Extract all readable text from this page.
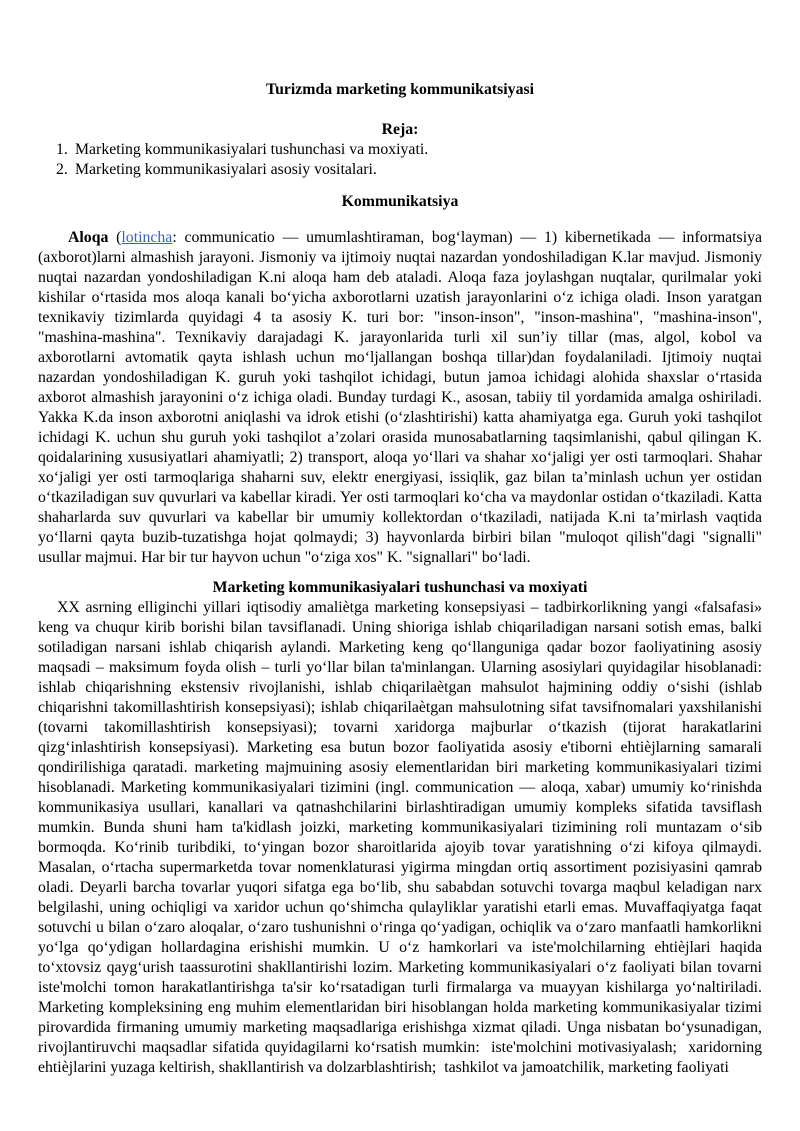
Turizmda marketing kommunikatsiyasi
Reja:
1. Marketing kommunikasiyalari tushunchasi va moxiyati.
2. Marketing kommunikasiyalari asosiy vositalari.
Kommunikatsiya

Aloqa (lotincha: communicatio — umumlashtiraman, bogʻlayman) — 1) kibernetikada — informatsiya (axborot)larni almashish jarayoni. Jismoniy va ijtimoiy nuqtai nazardan yondoshiladigan K.lar mavjud. Jismoniy nuqtai nazardan yondoshiladigan K.ni aloqa ham deb ataladi. Aloqa faza joylashgan nuqtalar, qurilmalar yoki kishilar oʻrtasida mos aloqa kanali boʻyicha axborotlarni uzatish jarayonlarini oʻz ichiga oladi. Inson yaratgan texnikaviy tizimlarda quyidagi 4 ta asosiy K. turi bor: "inson-inson", "inson-mashina", "mashina-inson", "mashina-mashina". Texnikaviy darajadagi K. jarayonlarida turli xil sun’iy tillar (mas, algol, kobol va axborotlarni avtomatik qayta ishlash uchun moʻljallangan boshqa tillar)dan foydalaniladi. Ijtimoiy nuqtai nazardan yondoshiladigan K. guruh yoki tashqilot ichidagi, butun jamoa ichidagi alohida shaxslar oʻrtasida axborot almashish jarayonini oʻz ichiga oladi. Bunday turdagi K., asosan, tabiiy til yordamida amalga oshiriladi. Yakka K.da inson axborotni aniqlashi va idrok etishi (oʻzlashtirishi) katta ahamiyatga ega. Guruh yoki tashqilot ichidagi K. uchun shu guruh yoki tashqilot a’zolari orasida munosabatlarning taqsimlanishi, qabul qilingan K. qoidalarining xususiyatlari ahamiyatli; 2) transport, aloqa yoʻllari va shahar xoʻjaligi yer osti tarmoqlari. Shahar xoʻjaligi yer osti tarmoqlariga shaharni suv, elektr energiyasi, issiqlik, gaz bilan ta’minlash uchun yer ostidan oʻtkaziladigan suv quvurlari va kabellar kiradi. Yer osti tarmoqlari koʻcha va maydonlar ostidan oʻtkaziladi. Katta shaharlarda suv quvurlari va kabellar bir umumiy kollektordan oʻtkaziladi, natijada K.ni ta’mirlash vaqtida yoʻllarni qayta buzib-tuzatishga hojat qolmaydi; 3) hayvonlarda birbiri bilan "muloqot qilish"dagi "signalli" usullar majmui. Har bir tur hayvon uchun "oʻziga xos" K. "signallari" boʻladi.

Marketing kommunikasiyalari tushunchasi va moxiyati

XX asrning elliginchi yillari iqtisodiy amaliètga marketing konsepsiyasi – tadbirkorlikning yangi «falsafasi» keng va chuqur kirib borishi bilan tavsiflanadi. Uning shioriga ishlab chiqariladigan narsani sotish emas, balki sotiladigan narsani ishlab chiqarish aylandi. Marketing keng qoʻllanguniga qadar bozor faoliyatining asosiy maqsadi – maksimum foyda olish – turli yoʻllar bilan ta'minlangan. Ularning asosiylari quyidagilar hisoblanadi: ishlab chiqarishning ekstensiv rivojlanishi, ishlab chiqarilaètgan mahsulot hajmining oddiy oʻsishi (ishlab chiqarishni takomillashtirish konsepsiyasi); ishlab chiqarilaètgan mahsulotning sifat tavsifnomalari yaxshilanishi (tovarni takomillashtirish konsepsiyasi); tovarni xaridorga majburlar oʻtkazish (tijorat harakatlarini qizgʻinlashtirish konsepsiyasi). Marketing esa butun bozor faoliyatida asosiy e'tiborni ehtièjlarning samarali qondirilishiga qaratadi. marketing majmuining asosiy elementlaridan biri marketing kommunikasiyalari tizimi hisoblanadi. Marketing kommunikasiyalari tizimini (ingl. communication — aloqa, xabar) umumiy koʻrinishda kommunikasiya usullari, kanallari va qatnashchilarini birlashtiradigan umumiy kompleks sifatida tavsiflash mumkin. Bunda shuni ham ta'kidlash joizki, marketing kommunikasiyalari tizimining roli muntazam oʻsib bormoqda. Koʻrinib turibdiki, toʻyingan bozor sharoitlarida ajoyib tovar yaratishning oʻzi kifoya qilmaydi. Masalan, oʻrtacha supermarketda tovar nomenklaturasi yigirma mingdan ortiq assortiment pozisiyasini qamrab oladi. Deyarli barcha tovarlar yuqori sifatga ega boʻlib, shu sababdan sotuvchi tovarga maqbul keladigan narx belgilashi, uning ochiqligi va xaridor uchun qoʻshimcha qulayliklar yaratishi etarli emas. Muvaffaqiyatga faqat sotuvchi u bilan oʻzaro aloqalar, oʻzaro tushunishni oʻringa qoʻyadigan, ochiqlik va oʻzaro manfaatli hamkorlikni yoʻlga qoʻydigan hollardagina erishishi mumkin. U oʻz hamkorlari va iste'molchilarning ehtièjlari haqida toʻxtovsiz qaygʻurish taassurotini shakllantirishi lozim. Marketing kommunikasiyalari oʻz faoliyati bilan tovarni iste'molchi tomon harakatlantirishga ta'sir koʻrsatadigan turli firmalarga va muayyan kishilarga yoʻnaltiriladi. Marketing kompleksining eng muhim elementlaridan biri hisoblangan holda marketing kommunikasiyalar tizimi pirovardida firmaning umumiy marketing maqsadlariga erishishga xizmat qiladi. Unga nisbatan boʻysunadigan, rivojlantiruvchi maqsadlar sifatida quyidagilarni koʻrsatish mumkin:  iste'molchini motivasiyalash;  xaridorning ehtièjlarini yuzaga keltirish, shakllantirish va dolzarblashtirish;  tashkilot va jamoatchilik, marketing faoliyati
